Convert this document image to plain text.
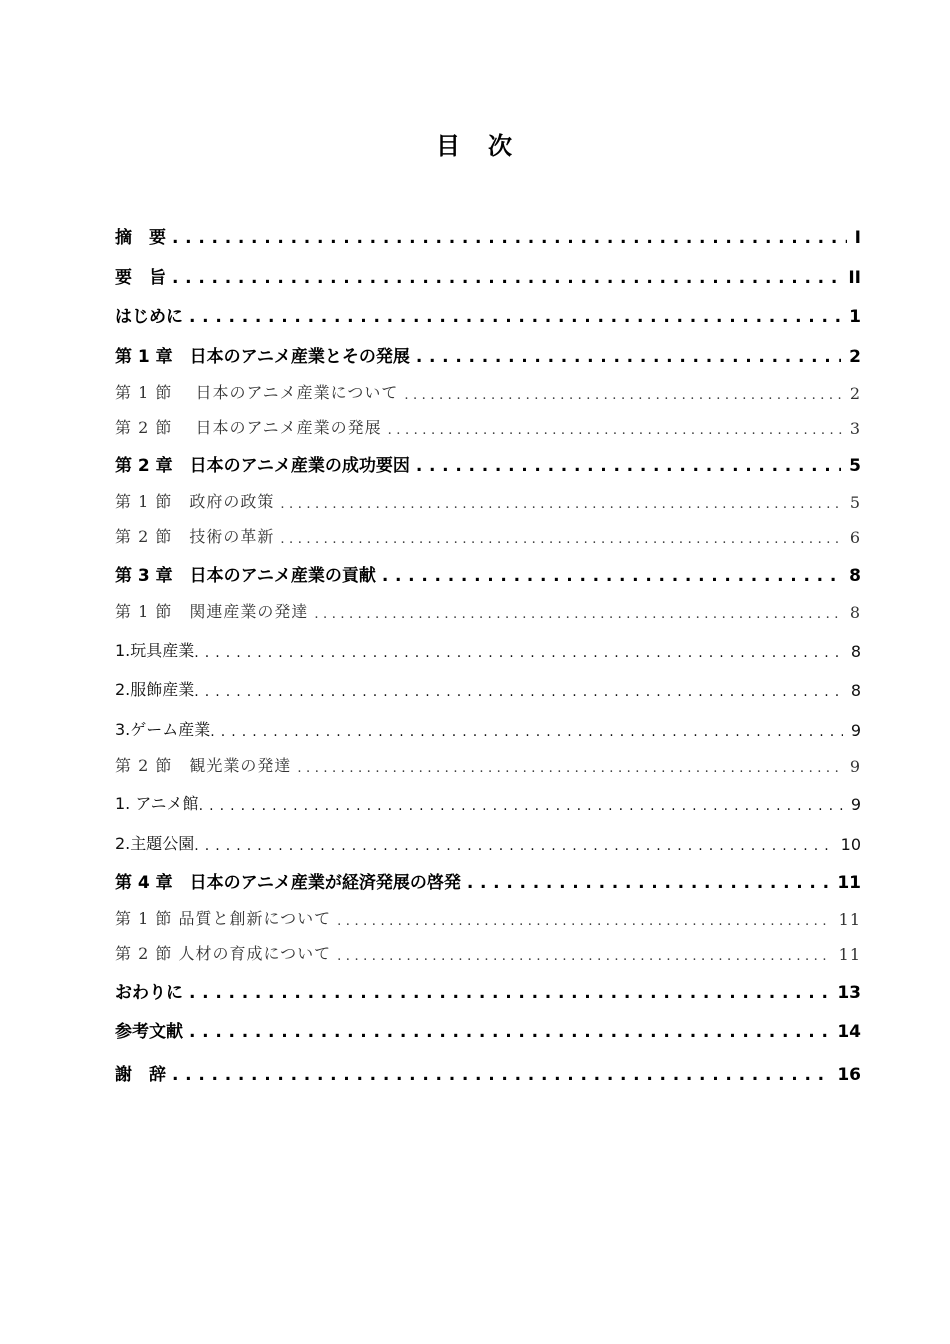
目　次
摘　要 . . .	I
要　旨 . . .	II
はじめに . . .	1
第 1 章　日本のアニメ産業とその発展 . . .	2
第 1 節　 日本のアニメ産業について . . .	2
第 2 節　 日本のアニメ産業の発展 . . .	3
第 2 章　日本のアニメ産業の成功要因 . . .	5
第 1 節　政府の政策 . . .	5
第 2 節　技術の革新 . . .	6
第 3 章　日本のアニメ産業の貢献 . . .	8
第 1 節　関連産業の発達 . . .	8
1.玩具産業 . . .	8
2.服飾産業 . . .	8
3.ゲーム産業 . . .	9
第 2 節　観光業の発達 . . .	9
1. アニメ館 . . .	9
2.主題公園 . . .	10
第 4 章　日本のアニメ産業が経済発展の啓発 . . .	11
第 1 節 品質と創新について . . .	11
第 2 節 人材の育成について . . .	11
おわりに . . .	13
参考文献 . . .	14
謝　辞 . . .	16
